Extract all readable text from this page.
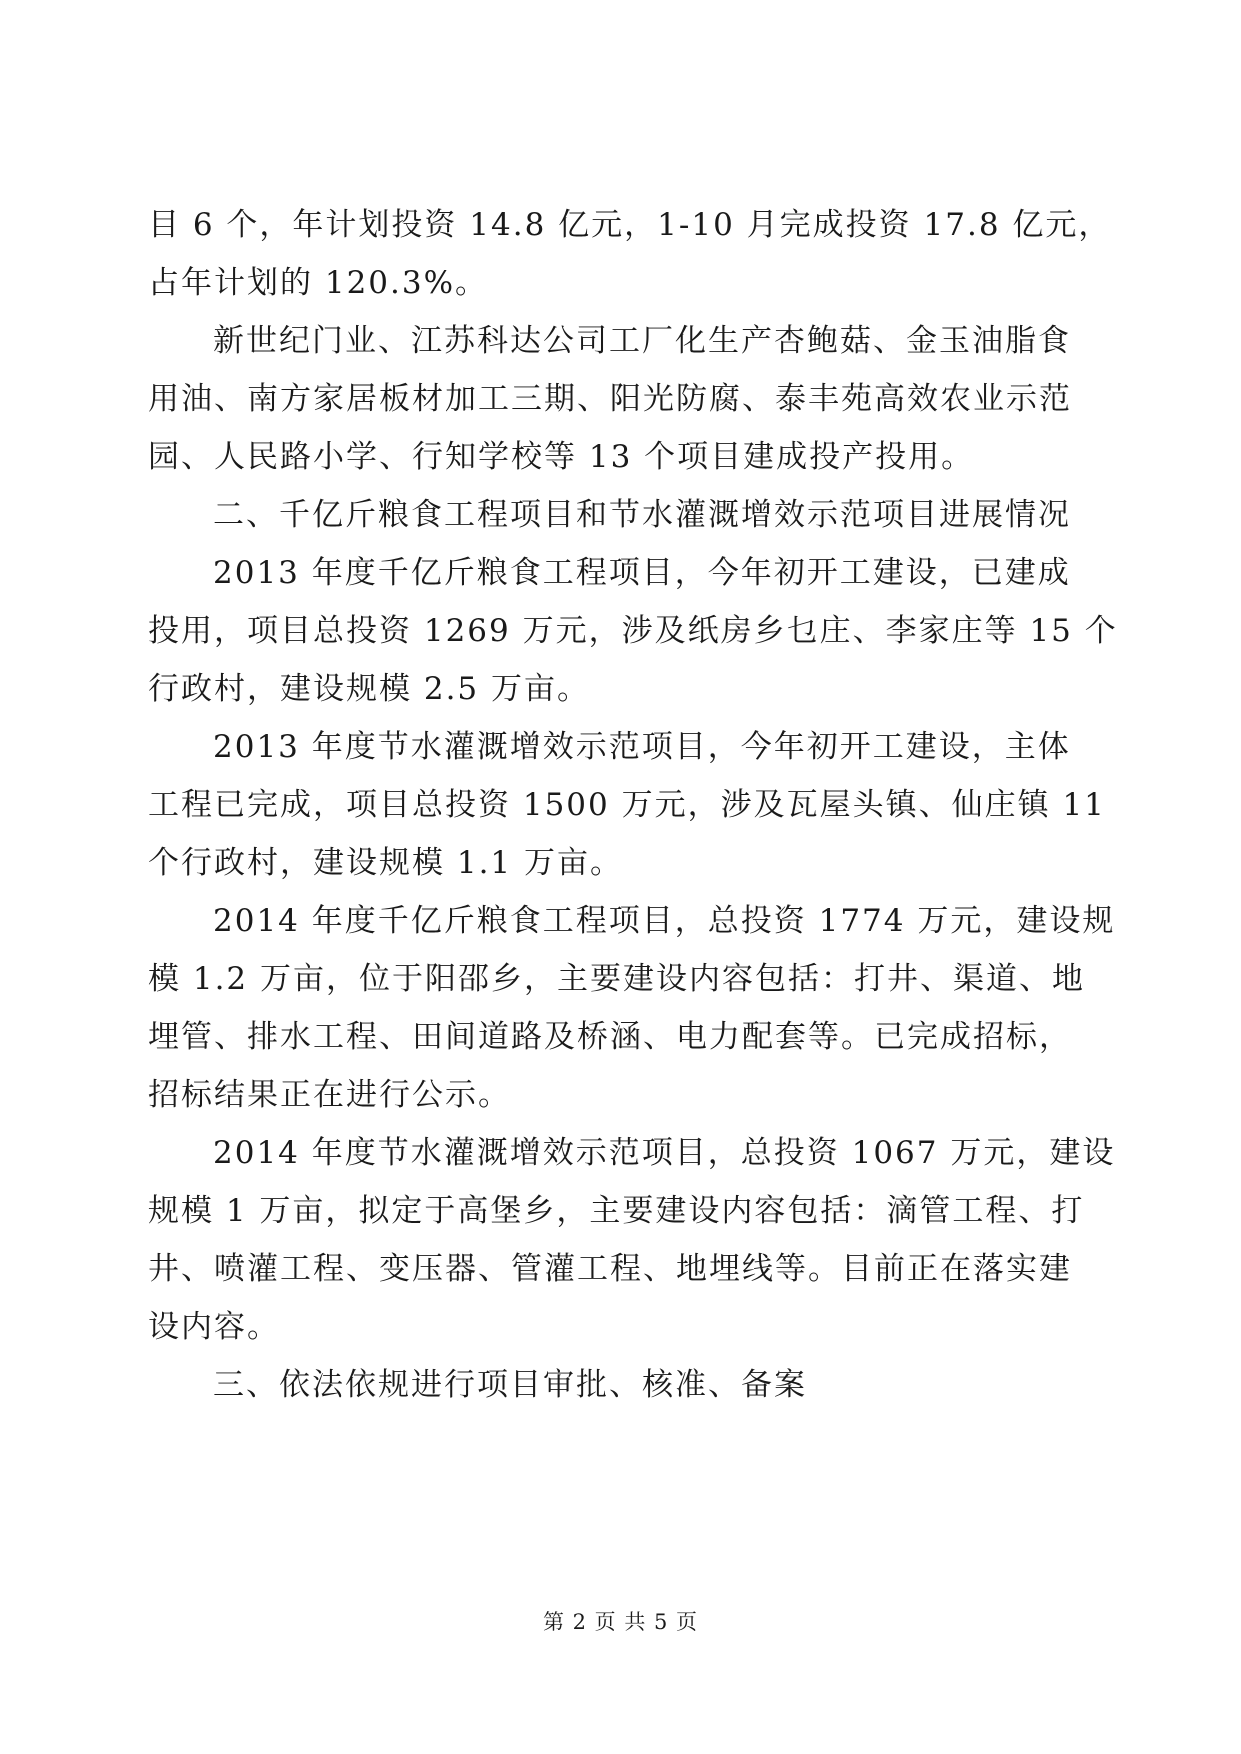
目 6 个，年计划投资 14.8 亿元，1-10 月完成投资 17.8 亿元，
占年计划的 120.3%。
新世纪门业、江苏科达公司工厂化生产杏鲍菇、金玉油脂食
用油、南方家居板材加工三期、阳光防腐、泰丰苑高效农业示范
园、人民路小学、行知学校等 13 个项目建成投产投用。
二、千亿斤粮食工程项目和节水灌溉增效示范项目进展情况
2013 年度千亿斤粮食工程项目，今年初开工建设，已建成
投用，项目总投资 1269 万元，涉及纸房乡乜庄、李家庄等 15 个
行政村，建设规模 2.5 万亩。
2013 年度节水灌溉增效示范项目，今年初开工建设，主体
工程已完成，项目总投资 1500 万元，涉及瓦屋头镇、仙庄镇 11
个行政村，建设规模 1.1 万亩。
2014 年度千亿斤粮食工程项目，总投资 1774 万元，建设规
模 1.2 万亩，位于阳邵乡，主要建设内容包括：打井、渠道、地
埋管、排水工程、田间道路及桥涵、电力配套等。已完成招标，
招标结果正在进行公示。
2014 年度节水灌溉增效示范项目，总投资 1067 万元，建设
规模 1 万亩，拟定于高堡乡，主要建设内容包括：滴管工程、打
井、喷灌工程、变压器、管灌工程、地埋线等。目前正在落实建
设内容。
三、依法依规进行项目审批、核准、备案
第 2 页 共 5 页
